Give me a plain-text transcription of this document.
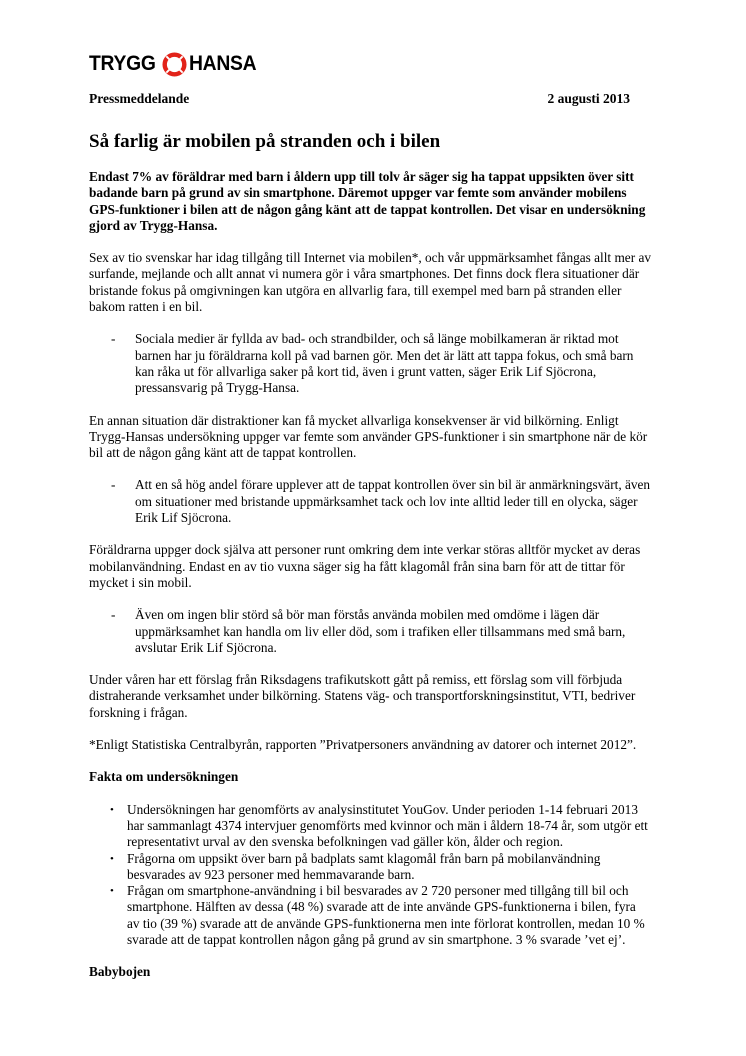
TRYGG HANSA
Pressmeddelande	2 augusti 2013
Så farlig är mobilen på stranden och i bilen

Endast 7% av föräldrar med barn i åldern upp till tolv år säger sig ha tappat uppsikten över sitt badande barn på grund av sin smartphone. Däremot uppger var femte som använder mobilens GPS-funktioner i bilen att de någon gång känt att de tappat kontrollen. Det visar en undersökning gjord av Trygg-Hansa.

Sex av tio svenskar har idag tillgång till Internet via mobilen*, och vår uppmärksamhet fångas allt mer av surfande, mejlande och allt annat vi numera gör i våra smartphones. Det finns dock flera situationer där bristande fokus på omgivningen kan utgöra en allvarlig fara, till exempel med barn på stranden eller bakom ratten i en bil.

- Sociala medier är fyllda av bad- och strandbilder, och så länge mobilkameran är riktad mot barnen har ju föräldrarna koll på vad barnen gör. Men det är lätt att tappa fokus, och små barn kan råka ut för allvarliga saker på kort tid, även i grunt vatten, säger Erik Lif Sjöcrona, pressansvarig på Trygg-Hansa.

En annan situation där distraktioner kan få mycket allvarliga konsekvenser är vid bilkörning. Enligt Trygg-Hansas undersökning uppger var femte som använder GPS-funktioner i sin smartphone när de kör bil att de någon gång känt att de tappat kontrollen.

- Att en så hög andel förare upplever att de tappat kontrollen över sin bil är anmärkningsvärt, även om situationer med bristande uppmärksamhet tack och lov inte alltid leder till en olycka, säger Erik Lif Sjöcrona.

Föräldrarna uppger dock själva att personer runt omkring dem inte verkar störas alltför mycket av deras mobilanvändning. Endast en av tio vuxna säger sig ha fått klagomål från sina barn för att de tittar för mycket i sin mobil.

- Även om ingen blir störd så bör man förstås använda mobilen med omdöme i lägen där uppmärksamhet kan handla om liv eller död, som i trafiken eller tillsammans med små barn, avslutar Erik Lif Sjöcrona.

Under våren har ett förslag från Riksdagens trafikutskott gått på remiss, ett förslag som vill förbjuda distraherande verksamhet under bilkörning. Statens väg- och transportforskningsinstitut, VTI, bedriver forskning i frågan.

*Enligt Statistiska Centralbyrån, rapporten ”Privatpersoners användning av datorer och internet 2012”.

Fakta om undersökningen

• Undersökningen har genomförts av analysinstitutet YouGov. Under perioden 1-14 februari 2013 har sammanlagt 4374 intervjuer genomförts med kvinnor och män i åldern 18-74 år, som utgör ett representativt urval av den svenska befolkningen vad gäller kön, ålder och region.
• Frågorna om uppsikt över barn på badplats samt klagomål från barn på mobilanvändning besvarades av 923 personer med hemmavarande barn.
• Frågan om smartphone-användning i bil besvarades av 2 720 personer med tillgång till bil och smartphone. Hälften av dessa (48 %) svarade att de inte använde GPS-funktionerna i bilen, fyra av tio (39 %) svarade att de använde GPS-funktionerna men inte förlorat kontrollen, medan 10 % svarade att de tappat kontrollen någon gång på grund av sin smartphone. 3 % svarade ’vet ej’.

Babybojen
